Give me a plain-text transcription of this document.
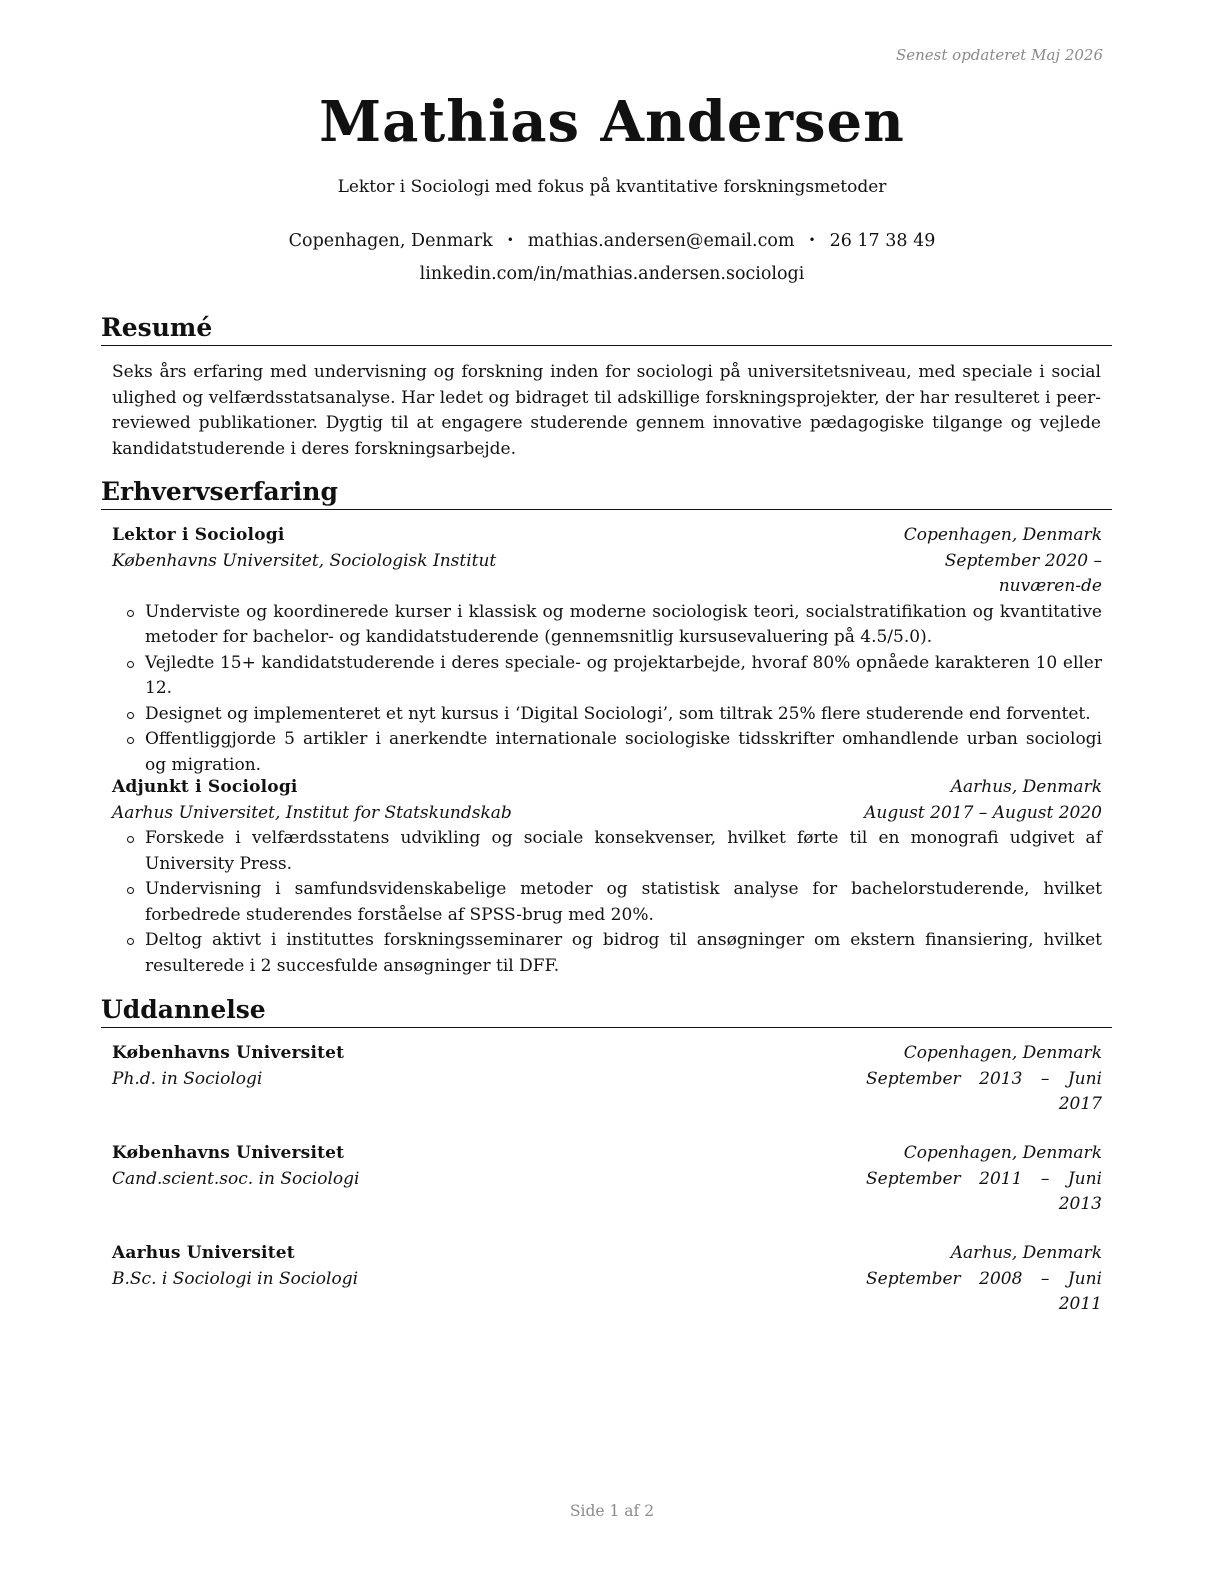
Senest opdateret Maj 2026
Mathias Andersen
Lektor i Sociologi med fokus på kvantitative forskningsmetoder
Copenhagen, Denmark • mathias.andersen@email.com • 26 17 38 49
linkedin.com/in/mathias.andersen.sociologi
Resumé
Seks års erfaring med undervisning og forskning inden for sociologi på universitetsniveau, med speciale i social ulighed og velfærdsstatsanalyse. Har ledet og bidraget til adskillige forskningsprojekter, der har resulteret i peer-reviewed publikationer. Dygtig til at engagere studerende gennem innovative pædagogiske tilgange og vejlede kandidatstuderende i deres forskningsarbejde.
Erhvervserfaring
Lektor i Sociologi	Copenhagen, Denmark
Københavns Universitet, Sociologisk Institut	September 2020 – nuværen-de
Underviste og koordinerede kurser i klassisk og moderne sociologisk teori, socialstratifikation og kvantitative metoder for bachelor- og kandidatstuderende (gennemsnitlig kursusevaluering på 4.5/5.0).
Vejledte 15+ kandidatstuderende i deres speciale- og projektarbejde, hvoraf 80% opnåede karakteren 10 eller 12.
Designet og implementeret et nyt kursus i ‘Digital Sociologi’, som tiltrak 25% flere studerende end forventet.
Offentliggjorde 5 artikler i anerkendte internationale sociologiske tidsskrifter omhandlende urban sociologi og migration.
Adjunkt i Sociologi	Aarhus, Denmark
Aarhus Universitet, Institut for Statskundskab	August 2017 – August 2020
Forskede i velfærdsstatens udvikling og sociale konsekvenser, hvilket førte til en monografi udgivet af University Press.
Undervisning i samfundsvidenskabelige metoder og statistisk analyse for bachelorstuderende, hvilket forbedrede studerendes forståelse af SPSS-brug med 20%.
Deltog aktivt i instituttes forskningsseminarer og bidrog til ansøgninger om ekstern finansiering, hvilket resulterede i 2 succesfulde ansøgninger til DFF.
Uddannelse
Københavns Universitet	Copenhagen, Denmark
Ph.d. in Sociologi	September 2013 – Juni 2017
Københavns Universitet	Copenhagen, Denmark
Cand.scient.soc. in Sociologi	September 2011 – Juni 2013
Aarhus Universitet	Aarhus, Denmark
B.Sc. i Sociologi in Sociologi	September 2008 – Juni 2011
Side 1 af 2
